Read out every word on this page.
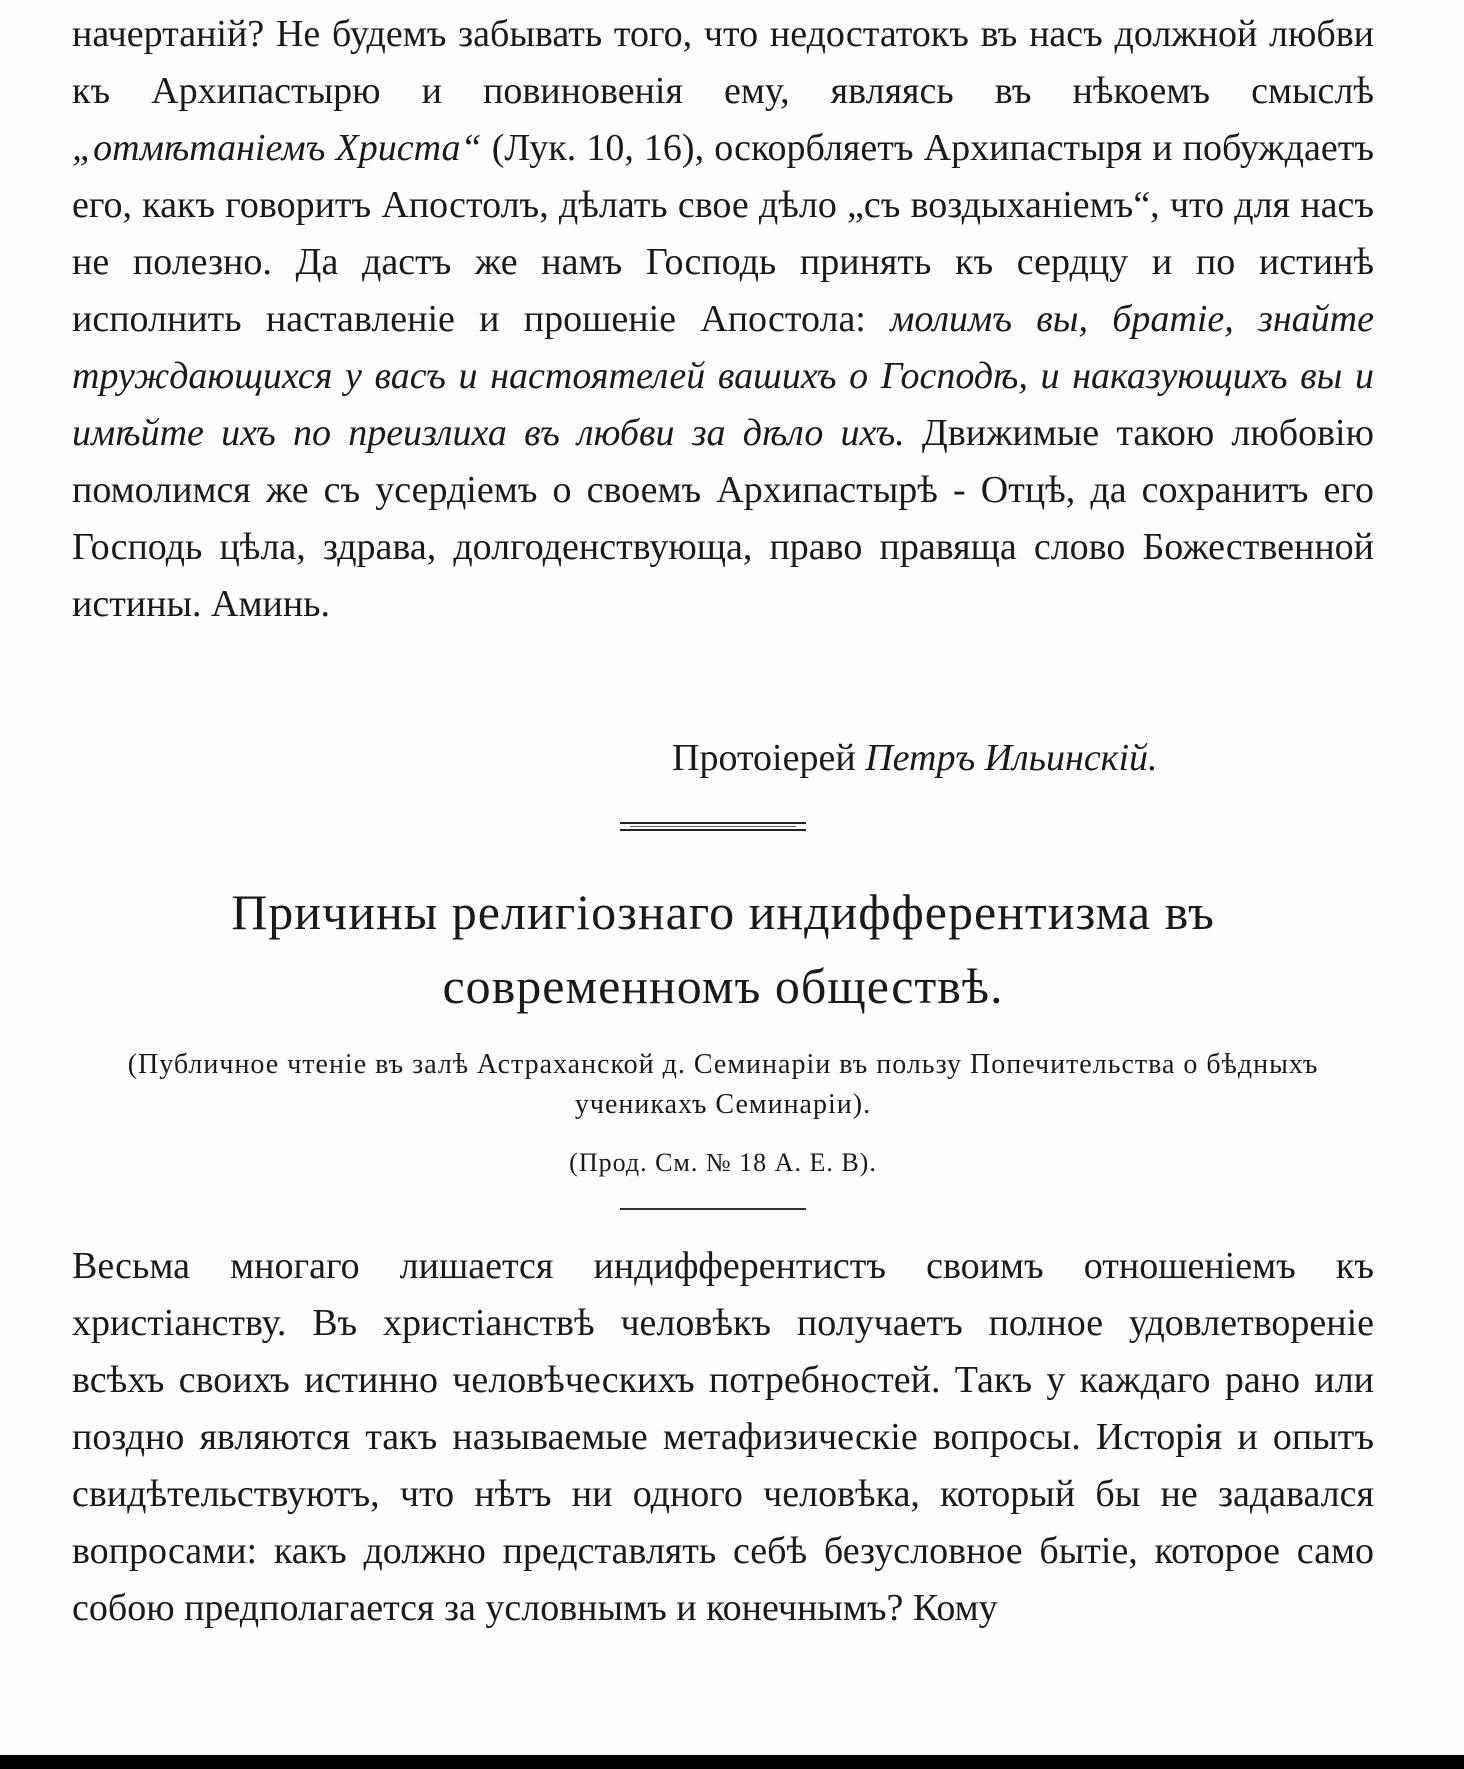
начертаній? Не будемъ забывать того, что недостатокъ въ насъ должной любви къ Архипастырю и повиновенія ему, являясь въ нѣкоемъ смыслѣ „отмѣтаніемъ Христа“ (Лук. 10, 16), оскорбляетъ Архипастыря и побуждаетъ его, какъ говоритъ Апостолъ, дѣлать свое дѣло „съ воздыханіемъ“, что для насъ не полезно. Да дастъ же намъ Господь принять къ сердцу и по истинѣ исполнить наставленіе и прошеніе Апостола: молимъ вы, братіе, знайте труждающихся у васъ и настоятелей вашихъ о Господѣ, и наказующихъ вы и имѣйте ихъ по преизлиха въ любви за дѣло ихъ. Движимые такою любовію помолимся же съ усердіемъ о своемъ Архипастырѣ - Отцѣ, да сохранитъ его Господь цѣла, здрава, долгоденствующа, право правяща слово Божественной истины. Аминь.

Протоіерей Петръ Ильинскій.
Причины религіознаго индифферентизма въ современномъ обществѣ.

(Публичное чтеніе въ залѣ Астраханской д. Семинаріи въ пользу Попечительства о бѣдныхъ ученикахъ Семинаріи).

(Прод. См. № 18 А. Е. В).

Весьма многаго лишается индифферентистъ своимъ отношеніемъ къ христіанству. Въ христіанствѣ человѣкъ получаетъ полное удовлетвореніе всѣхъ своихъ истинно человѣческихъ потребностей. Такъ у каждаго рано или поздно являются такъ называемые метафизическіе вопросы. Исторія и опытъ свидѣтельствуютъ, что нѣтъ ни одного человѣка, который бы не задавался вопросами: какъ должно представлять себѣ безусловное бытіе, которое само собою предполагается за условнымъ и конечнымъ? Кому
